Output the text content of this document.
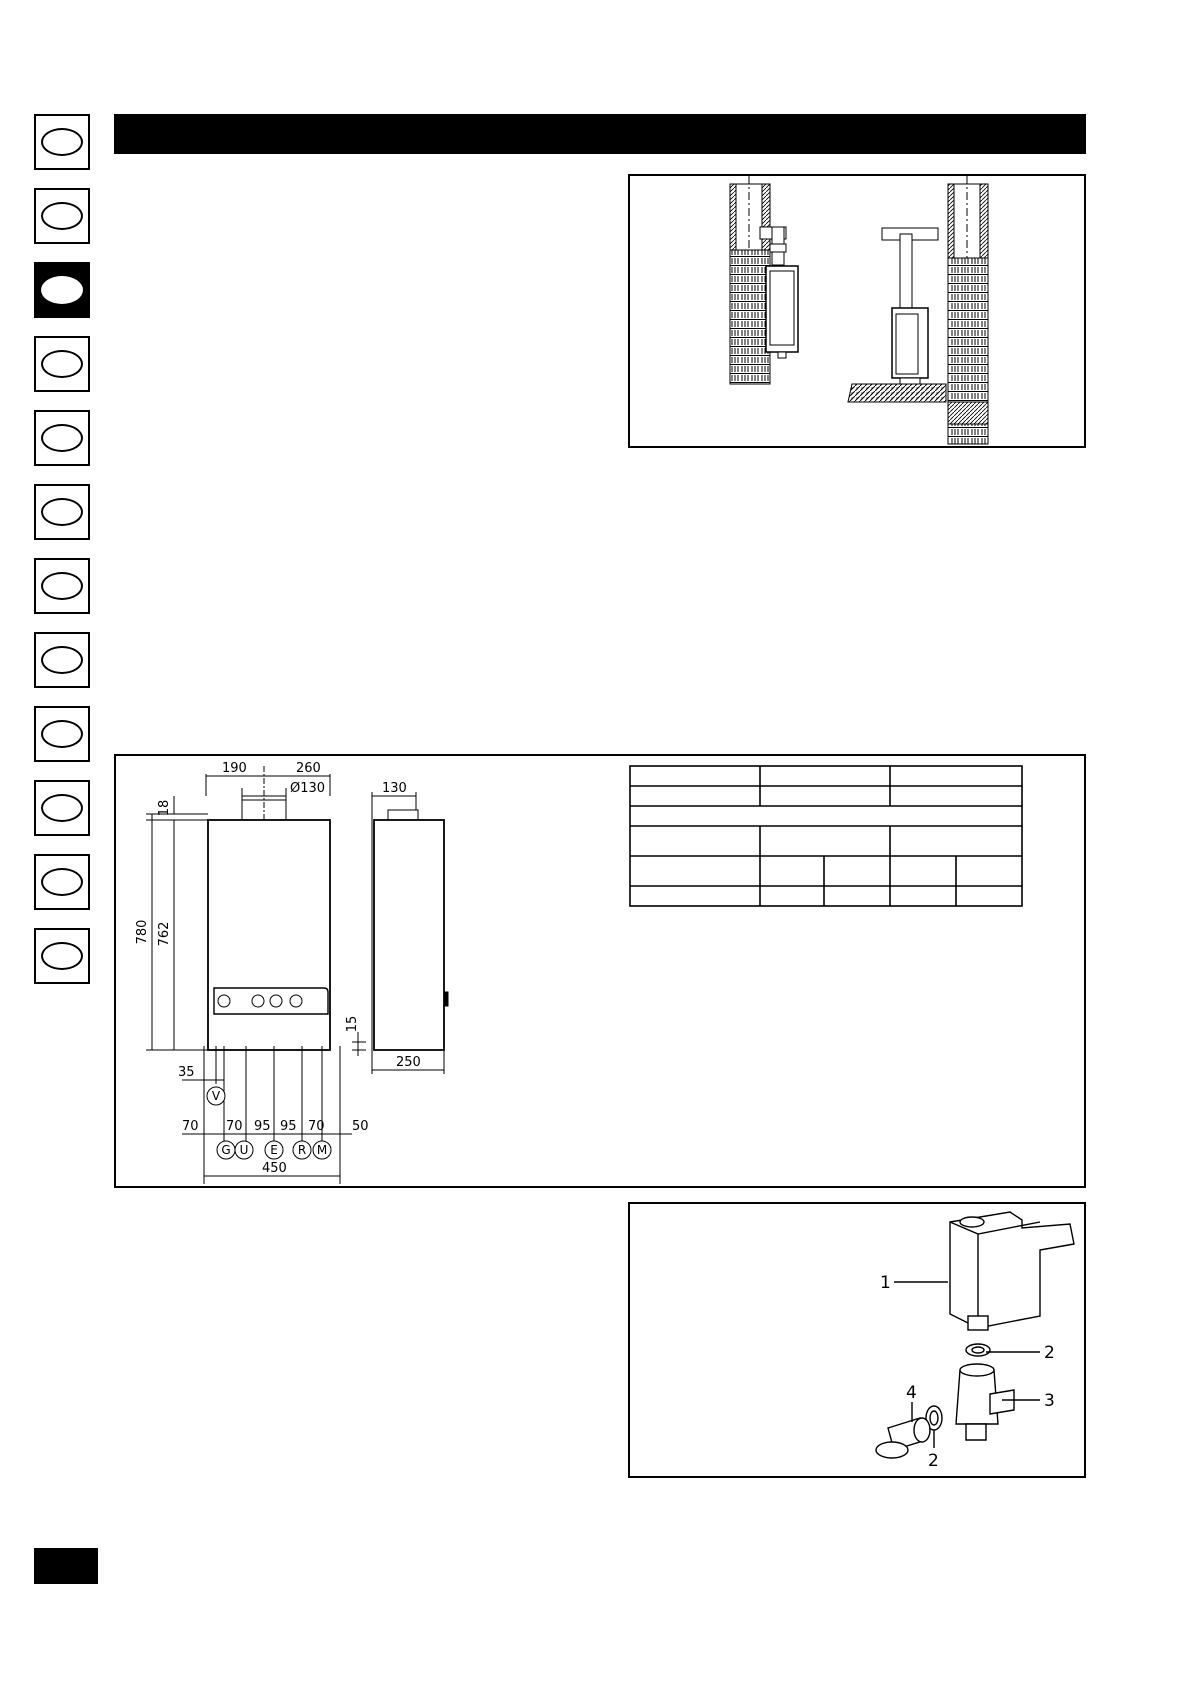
190	260
Ø130	130
18
780 762
15
250
35
70 70 95 95 70 50
450
V
G U E R M
1
2
3
4
2
